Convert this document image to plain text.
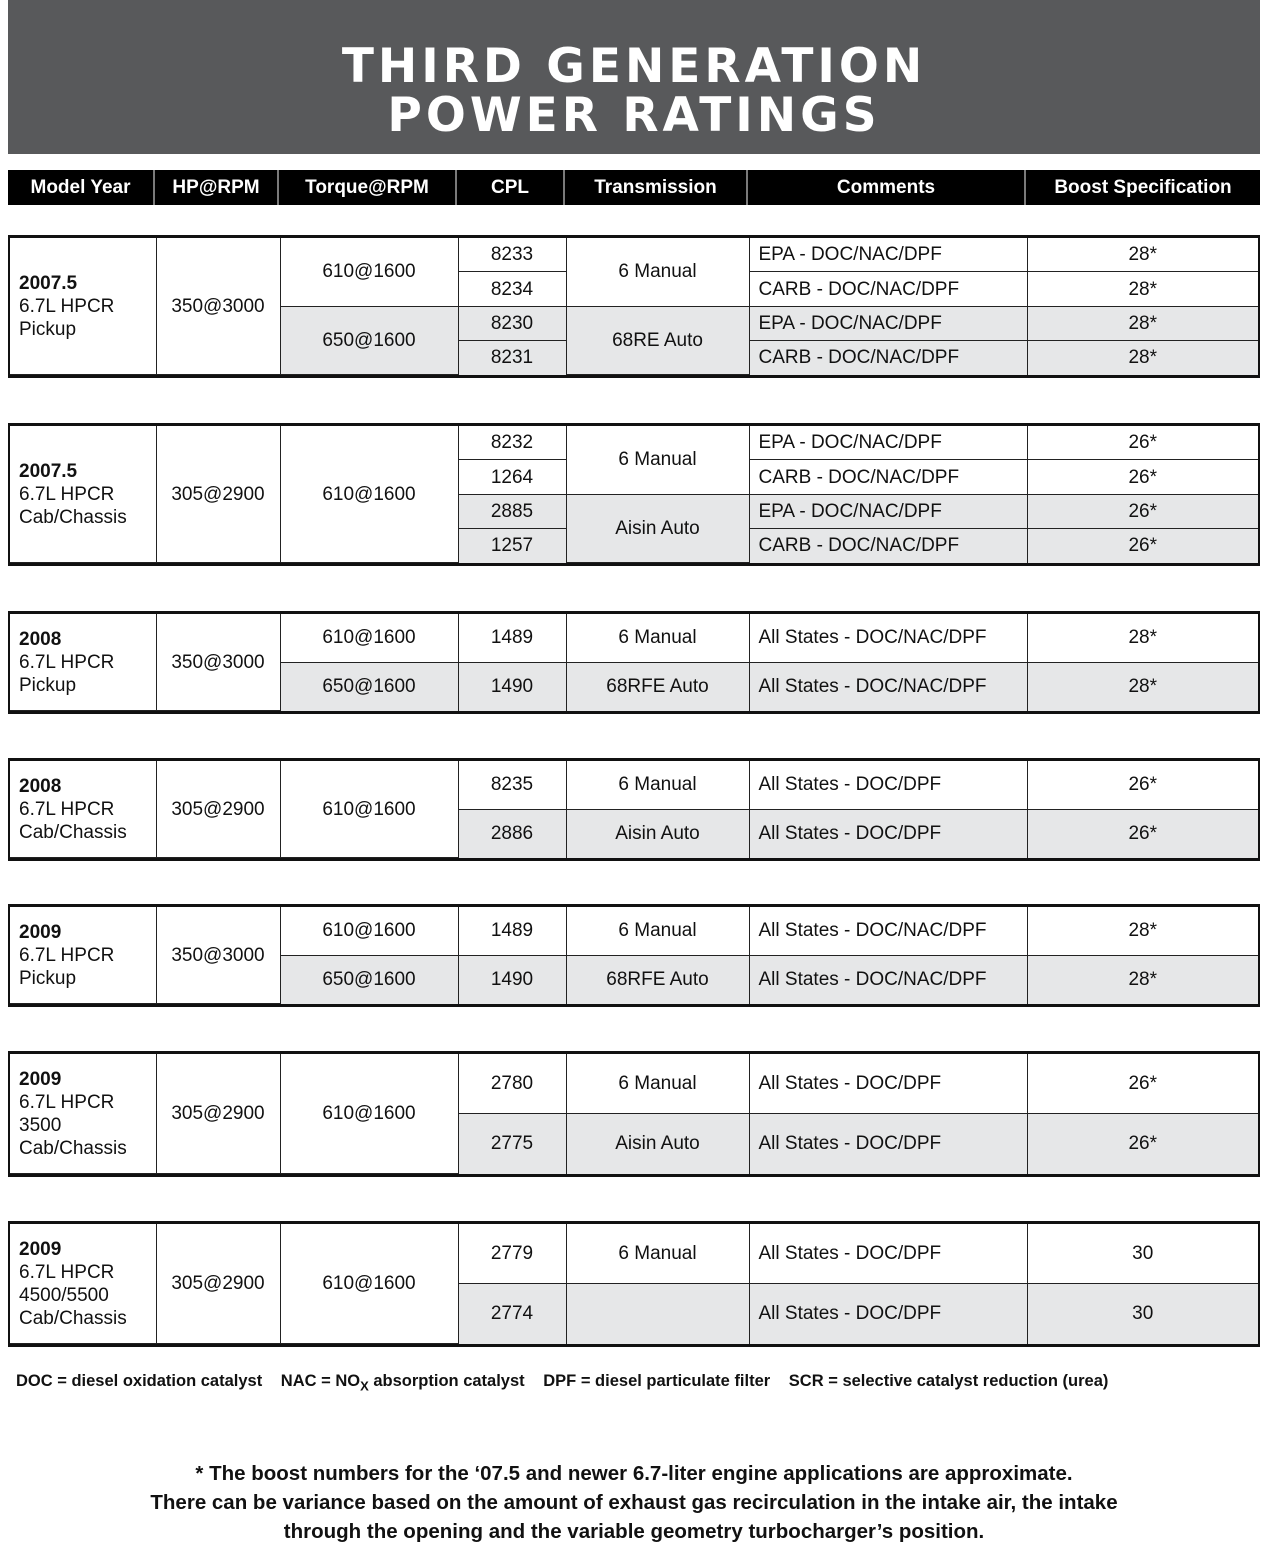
THIRD GENERATION
POWER RATINGS
Model Year	HP@RPM	Torque@RPM	CPL	Transmission	Comments	Boost Specification
2007.5
6.7L HPCR
Pickup	350@3000	610@1600	8233	6 Manual	EPA - DOC/NAC/DPF	28*
			8234		CARB - DOC/NAC/DPF	28*
		650@1600	8230	68RE Auto	EPA - DOC/NAC/DPF	28*
			8231		CARB - DOC/NAC/DPF	28*
2007.5
6.7L HPCR
Cab/Chassis	305@2900	610@1600	8232	6 Manual	EPA - DOC/NAC/DPF	26*
			1264		CARB - DOC/NAC/DPF	26*
			2885	Aisin Auto	EPA - DOC/NAC/DPF	26*
			1257		CARB - DOC/NAC/DPF	26*
2008
6.7L HPCR
Pickup	350@3000	610@1600	1489	6 Manual	All States - DOC/NAC/DPF	28*
		650@1600	1490	68RFE Auto	All States - DOC/NAC/DPF	28*
2008
6.7L HPCR
Cab/Chassis	305@2900	610@1600	8235	6 Manual	All States - DOC/DPF	26*
			2886	Aisin Auto	All States - DOC/DPF	26*
2009
6.7L HPCR
Pickup	350@3000	610@1600	1489	6 Manual	All States - DOC/NAC/DPF	28*
		650@1600	1490	68RFE Auto	All States - DOC/NAC/DPF	28*
2009
6.7L HPCR
3500
Cab/Chassis	305@2900	610@1600	2780	6 Manual	All States - DOC/DPF	26*
			2775	Aisin Auto	All States - DOC/DPF	26*
2009
6.7L HPCR
4500/5500
Cab/Chassis	305@2900	610@1600	2779	6 Manual	All States - DOC/DPF	30
			2774		All States - DOC/DPF	30
DOC = diesel oxidation catalyst NAC = $NO_X$ absorption catalyst DPF = diesel particulate filter SCR = selective catalyst reduction (urea)
* The boost numbers for the ‘07.5 and newer 6.7-liter engine applications are approximate.
There can be variance based on the amount of exhaust gas recirculation in the intake air, the intake
through the opening and the variable geometry turbocharger’s position.
